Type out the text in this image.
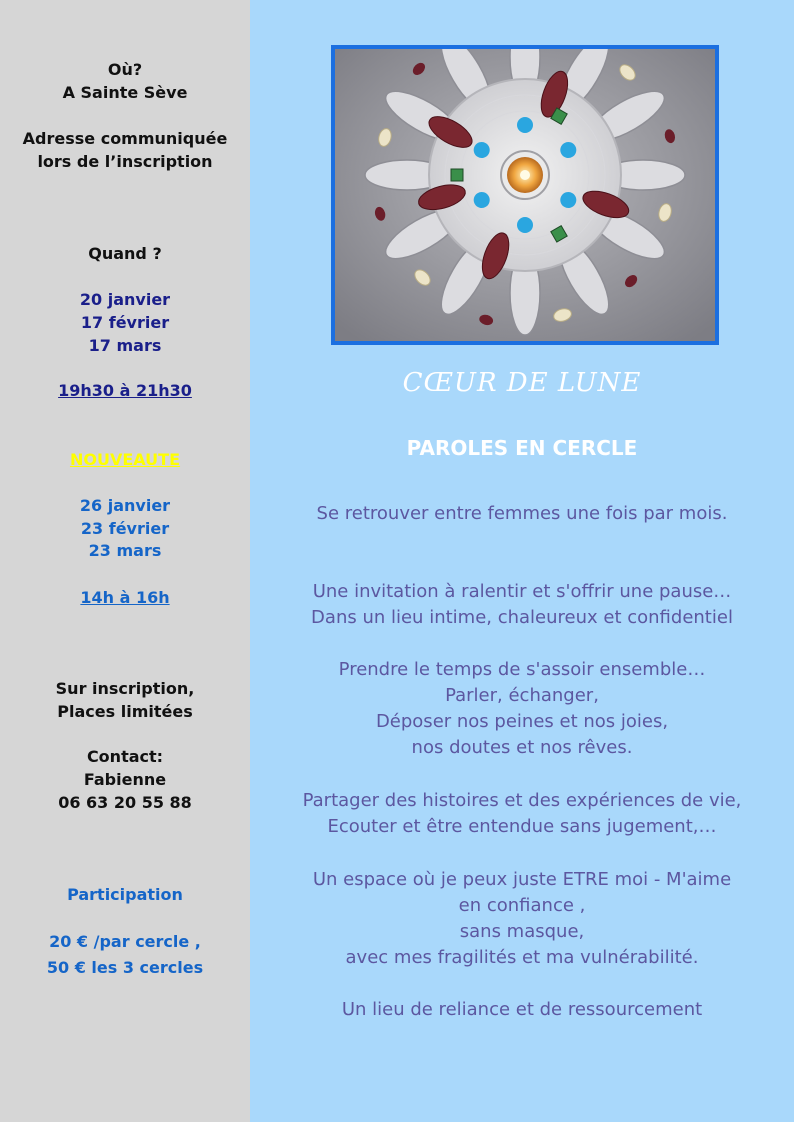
Où?
A Sainte Sève
Adresse communiquée
lors de l’inscription
Quand ?
20 janvier
17 février
17 mars
19h30 à 21h30
NOUVEAUTE
26 janvier
23 février
23 mars
14h à 16h
Sur inscription,
Places limitées
Contact:
Fabienne
06 63 20 55 88
Participation
20 € /par cercle ,
50 € les 3 cercles
CŒUR DE LUNE
PAROLES EN CERCLE
Se retrouver entre femmes une fois par mois.
Une invitation à ralentir et s'offrir une pause…
Dans un lieu intime, chaleureux et confidentiel
Prendre le temps de s'assoir ensemble…
Parler, échanger,
Déposer nos peines et nos joies,
nos doutes et nos rêves.
Partager des histoires et des expériences de vie,
Ecouter et être entendue sans jugement,…
Un espace où je peux juste ETRE moi - M'aime
en confiance ,
sans masque,
avec mes fragilités et ma vulnérabilité.
Un lieu de reliance et de ressourcement
